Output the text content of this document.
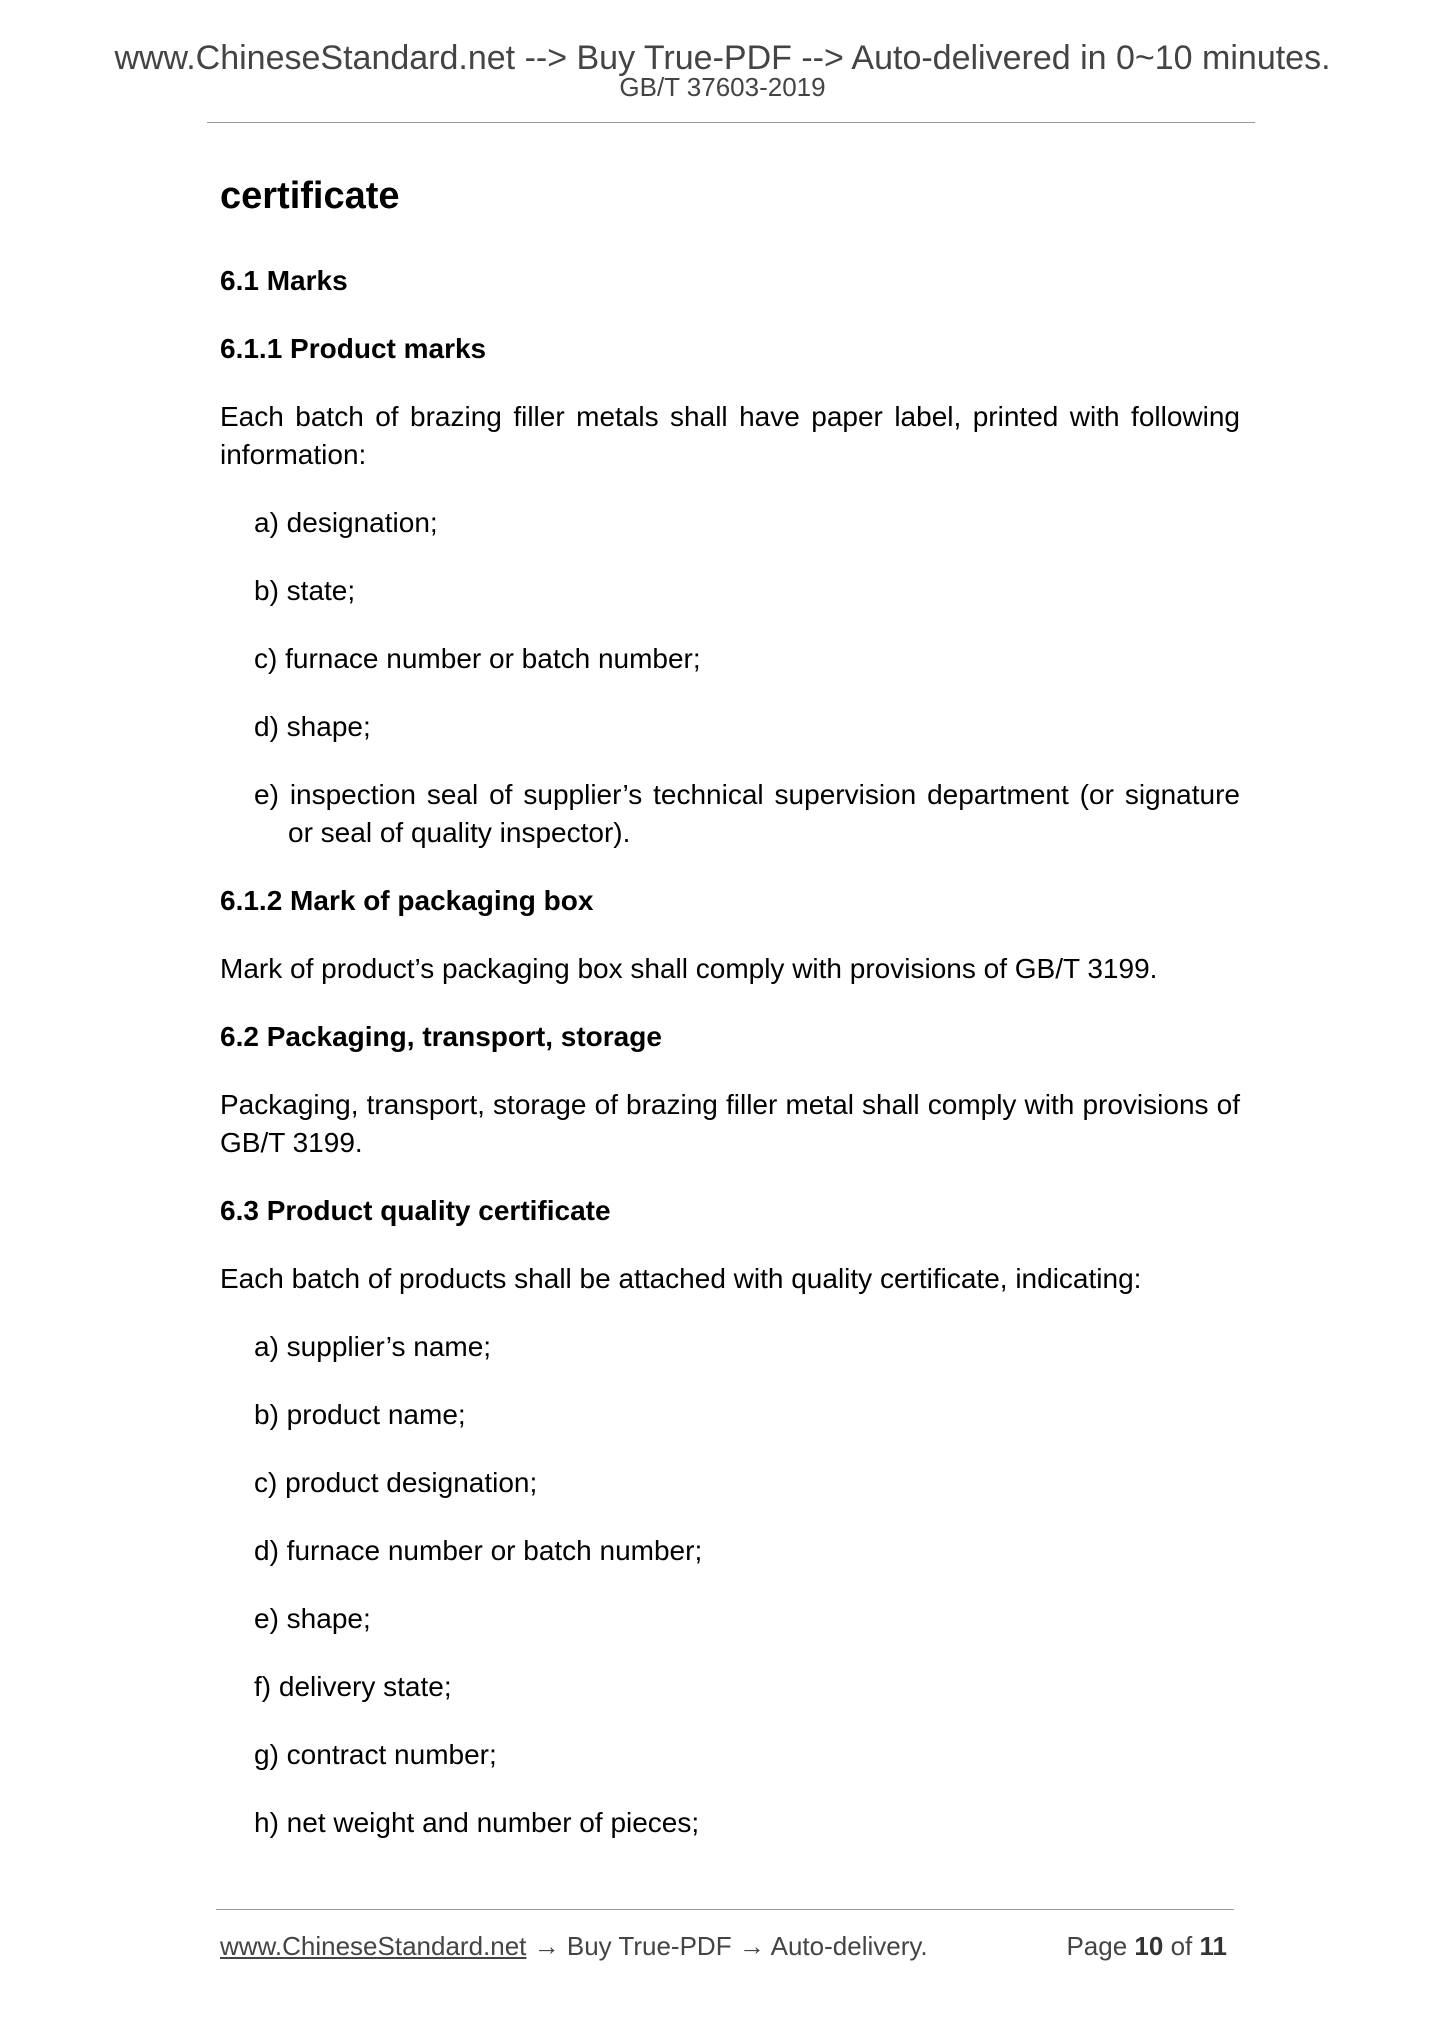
www.ChineseStandard.net --> Buy True-PDF --> Auto-delivered in 0~10 minutes.
GB/T 37603-2019
certificate
6.1 Marks
6.1.1 Product marks
Each batch of brazing filler metals shall have paper label, printed with following information:
a) designation;
b) state;
c) furnace number or batch number;
d) shape;
e) inspection seal of supplier’s technical supervision department (or signature or seal of quality inspector).
6.1.2 Mark of packaging box
Mark of product’s packaging box shall comply with provisions of GB/T 3199.
6.2 Packaging, transport, storage
Packaging, transport, storage of brazing filler metal shall comply with provisions of GB/T 3199.
6.3 Product quality certificate
Each batch of products shall be attached with quality certificate, indicating:
a) supplier’s name;
b) product name;
c) product designation;
d) furnace number or batch number;
e) shape;
f) delivery state;
g) contract number;
h) net weight and number of pieces;
www.ChineseStandard.net → Buy True-PDF → Auto-delivery.	Page 10 of 11
